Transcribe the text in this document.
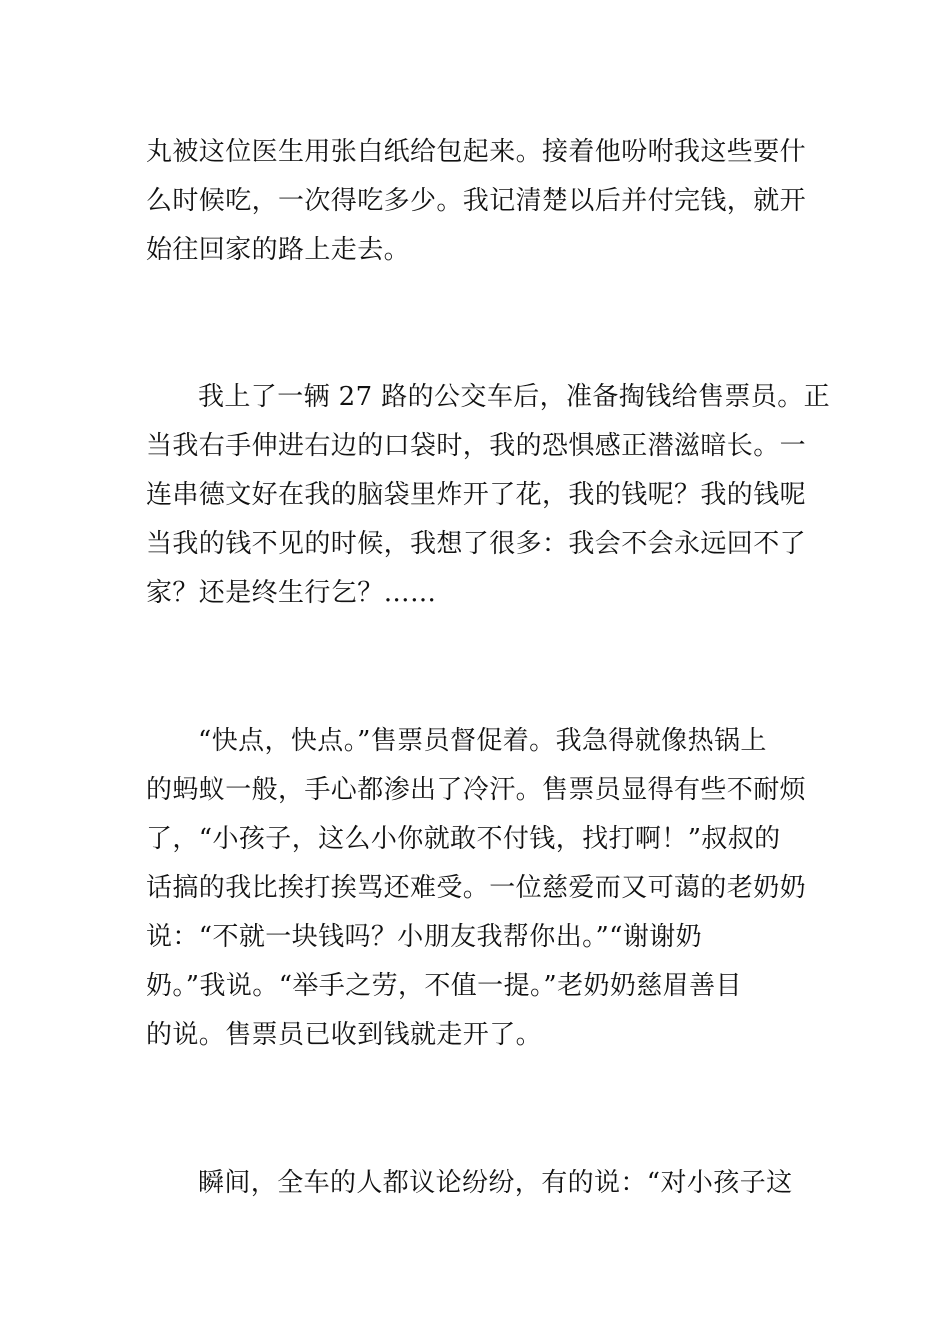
丸被这位医生用张白纸给包起来。接着他吩咐我这些要什
么时候吃，一次得吃多少。我记清楚以后并付完钱，就开
始往回家的路上走去。

我上了一辆 27 路的公交车后，准备掏钱给售票员。正
当我右手伸进右边的口袋时，我的恐惧感正潜滋暗长。一
连串德文好在我的脑袋里炸开了花，我的钱呢？我的钱呢
当我的钱不见的时候，我想了很多：我会不会永远回不了
家？还是终生行乞？……

“快点，快点。”售票员督促着。我急得就像热锅上
的蚂蚁一般，手心都渗出了冷汗。售票员显得有些不耐烦
了，“小孩子，这么小你就敢不付钱，找打啊！”叔叔的
话搞的我比挨打挨骂还难受。一位慈爱而又可蔼的老奶奶
说：“不就一块钱吗？小朋友我帮你出。”“谢谢奶
奶。”我说。“举手之劳，不值一提。”老奶奶慈眉善目
的说。售票员已收到钱就走开了。

瞬间，全车的人都议论纷纷，有的说：“对小孩子这
